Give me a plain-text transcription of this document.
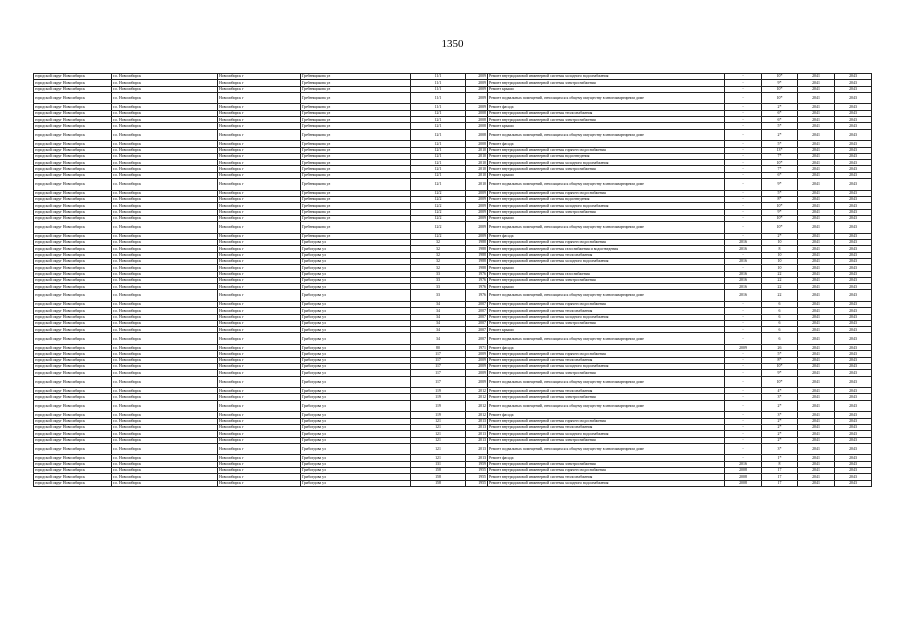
1350
городской округ Новосибирск	г.о. Новосибирск	Новосибирск г	Гребенщикова ул	11/1	2009	Ремонт внутридомовой инженерной системы холодного водоснабжения	-	10*	2041	2043
городской округ Новосибирск	г.о. Новосибирск	Новосибирск г	Гребенщикова ул	11/1	2009	Ремонт внутридомовой инженерной системы электроснабжения	-	9*	2041	2043
городской округ Новосибирск	г.о. Новосибирск	Новосибирск г	Гребенщикова ул	11/1	2009	Ремонт крыши	-	10*	2041	2043
городской округ Новосибирск	г.о. Новосибирск	Новосибирск г	Гребенщикова ул	11/1	2009	Ремонт подвальных помещений, относящихся к общему имуществу в многоквартирном доме	-	10*	2041	2043
городской округ Новосибирск	г.о. Новосибирск	Новосибирск г	Гребенщикова ул	11/1	2009	Ремонт фасада	-	2*	2041	2043
городской округ Новосибирск	г.о. Новосибирск	Новосибирск г	Гребенщикова ул	12/1	2008	Ремонт внутридомовой инженерной системы теплоснабжения	-	6*	2041	2043
городской округ Новосибирск	г.о. Новосибирск	Новосибирск г	Гребенщикова ул	12/1	2008	Ремонт внутридомовой инженерной системы электроснабжения	-	6*	2041	2043
городской округ Новосибирск	г.о. Новосибирск	Новосибирск г	Гребенщикова ул	12/1	2008	Ремонт крыши	-	5*	2041	2043
городской округ Новосибирск	г.о. Новосибирск	Новосибирск г	Гребенщикова ул	12/1	2008	Ремонт подвальных помещений, относящихся к общему имуществу в многоквартирном доме	-	2*	2041	2043
городской округ Новосибирск	г.о. Новосибирск	Новосибирск г	Гребенщикова ул	12/1	2008	Ремонт фасада	-	5*	2041	2043
городской округ Новосибирск	г.о. Новосибирск	Новосибирск г	Гребенщикова ул	12/1	2010	Ремонт внутридомовой инженерной системы горячего водоснабжения	-	13*	2041	2043
городской округ Новосибирск	г.о. Новосибирск	Новосибирск г	Гребенщикова ул	12/1	2010	Ремонт внутридомовой инженерной системы водоотведения	-	7*	2041	2043
городской округ Новосибирск	г.о. Новосибирск	Новосибирск г	Гребенщикова ул	12/1	2010	Ремонт внутридомовой инженерной системы холодного водоснабжения	-	10*	2041	2043
городской округ Новосибирск	г.о. Новосибирск	Новосибирск г	Гребенщикова ул	12/1	2010	Ремонт внутридомовой инженерной системы электроснабжения	-	7*	2041	2043
городской округ Новосибирск	г.о. Новосибирск	Новосибирск г	Гребенщикова ул	12/1	2010	Ремонт крыши	-	6*	2041	2043
городской округ Новосибирск	г.о. Новосибирск	Новосибирск г	Гребенщикова ул	12/1	2010	Ремонт подвальных помещений, относящихся к общему имуществу в многоквартирном доме	-	9*	2041	2043
городской округ Новосибирск	г.о. Новосибирск	Новосибирск г	Гребенщикова ул	12/2	2009	Ремонт внутридомовой инженерной системы горячего водоснабжения	-	5*	2041	2043
городской округ Новосибирск	г.о. Новосибирск	Новосибирск г	Гребенщикова ул	12/2	2009	Ремонт внутридомовой инженерной системы водоотведения	-	8*	2041	2043
городской округ Новосибирск	г.о. Новосибирск	Новосибирск г	Гребенщикова ул	12/2	2009	Ремонт внутридомовой инженерной системы холодного водоснабжения	-	10*	2041	2043
городской округ Новосибирск	г.о. Новосибирск	Новосибирск г	Гребенщикова ул	12/2	2009	Ремонт внутридомовой инженерной системы электроснабжения	-	9*	2041	2043
городской округ Новосибирск	г.о. Новосибирск	Новосибирск г	Гребенщикова ул	12/2	2009	Ремонт крыши	-	10*	2041	2043
городской округ Новосибирск	г.о. Новосибирск	Новосибирск г	Гребенщикова ул	12/2	2009	Ремонт подвальных помещений, относящихся к общему имуществу в многоквартирном доме	-	10*	2041	2043
городской округ Новосибирск	г.о. Новосибирск	Новосибирск г	Гребенщикова ул	12/2	2009	Ремонт фасада	-	2*	2041	2043
городской округ Новосибирск	г.о. Новосибирск	Новосибирск г	Грибоедова ул	32	1988	Ремонт внутридомовой инженерной системы горячего водоснабжения	2016	10	2041	2043
городской округ Новосибирск	г.о. Новосибирск	Новосибирск г	Грибоедова ул	32	1988	Ремонт внутридомовой инженерной системы газоснабжения и водоотведения	2016	8	2041	2043
городской округ Новосибирск	г.о. Новосибирск	Новосибирск г	Грибоедова ул	32	1988	Ремонт внутридомовой инженерной системы теплоснабжения	-	10	2041	2043
городской округ Новосибирск	г.о. Новосибирск	Новосибирск г	Грибоедова ул	32	1988	Ремонт внутридомовой инженерной системы холодного водоснабжения	2016	10	2041	2043
городской округ Новосибирск	г.о. Новосибирск	Новосибирск г	Грибоедова ул	32	1988	Ремонт крыши	-	10	2041	2043
городской округ Новосибирск	г.о. Новосибирск	Новосибирск г	Грибоедова ул	33	1976	Ремонт внутридомовой инженерной системы газоснабжения	2016	22	2041	2043
городской округ Новосибирск	г.о. Новосибирск	Новосибирск г	Грибоедова ул	33	1976	Ремонт внутридомовой инженерной системы электроснабжения	2016	22	2041	2043
городской округ Новосибирск	г.о. Новосибирск	Новосибирск г	Грибоедова ул	33	1976	Ремонт крыши	2016	22	2041	2043
городской округ Новосибирск	г.о. Новосибирск	Новосибирск г	Грибоедова ул	33	1976	Ремонт подвальных помещений, относящихся к общему имуществу в многоквартирном доме	2016	22	2041	2043
городской округ Новосибирск	г.о. Новосибирск	Новосибирск г	Грибоедова ул	34	2007	Ремонт внутридомовой инженерной системы горячего водоснабжения	-	6	2041	2043
городской округ Новосибирск	г.о. Новосибирск	Новосибирск г	Грибоедова ул	34	2007	Ремонт внутридомовой инженерной системы теплоснабжения	-	6	2041	2043
городской округ Новосибирск	г.о. Новосибирск	Новосибирск г	Грибоедова ул	34	2007	Ремонт внутридомовой инженерной системы холодного водоснабжения	-	6	2041	2043
городской округ Новосибирск	г.о. Новосибирск	Новосибирск г	Грибоедова ул	34	2007	Ремонт внутридомовой инженерной системы электроснабжения	-	6	2041	2043
городской округ Новосибирск	г.о. Новосибирск	Новосибирск г	Грибоедова ул	34	2007	Ремонт крыши	-	6	2041	2043
городской округ Новосибирск	г.о. Новосибирск	Новосибирск г	Грибоедова ул	34	2007	Ремонт подвальных помещений, относящихся к общему имуществу в многоквартирном доме	-	6	2041	2043
городской округ Новосибирск	г.о. Новосибирск	Новосибирск г	Грибоедова ул	80	1971	Ремонт фасада	2009	26	2041	2043
городской округ Новосибирск	г.о. Новосибирск	Новосибирск г	Грибоедова ул	117	2009	Ремонт внутридомовой инженерной системы горячего водоснабжения	-	5*	2041	2043
городской округ Новосибирск	г.о. Новосибирск	Новосибирск г	Грибоедова ул	117	2009	Ремонт внутридомовой инженерной системы теплоснабжения	-	8*	2041	2043
городской округ Новосибирск	г.о. Новосибирск	Новосибирск г	Грибоедова ул	117	2009	Ремонт внутридомовой инженерной системы холодного водоснабжения	-	10*	2041	2043
городской округ Новосибирск	г.о. Новосибирск	Новосибирск г	Грибоедова ул	117	2009	Ремонт внутридомовой инженерной системы электроснабжения	-	9*	2041	2043
городской округ Новосибирск	г.о. Новосибирск	Новосибирск г	Грибоедова ул	117	2009	Ремонт подвальных помещений, относящихся к общему имуществу в многоквартирном доме	-	10*	2041	2043
городской округ Новосибирск	г.о. Новосибирск	Новосибирск г	Грибоедова ул	119	2012	Ремонт внутридомовой инженерной системы теплоснабжения	-	4*	2041	2043
городской округ Новосибирск	г.о. Новосибирск	Новосибирск г	Грибоедова ул	119	2012	Ремонт внутридомовой инженерной системы электроснабжения	-	3*	2041	2043
городской округ Новосибирск	г.о. Новосибирск	Новосибирск г	Грибоедова ул	119	2012	Ремонт подвальных помещений, относящихся к общему имуществу в многоквартирном доме	-	2*	2041	2043
городской округ Новосибирск	г.о. Новосибирск	Новосибирск г	Грибоедова ул	119	2012	Ремонт фасада	-	3*	2041	2043
городской округ Новосибирск	г.о. Новосибирск	Новосибирск г	Грибоедова ул	121	2013	Ремонт внутридомовой инженерной системы горячего водоснабжения	-	2*	2041	2043
городской округ Новосибирск	г.о. Новосибирск	Новосибирск г	Грибоедова ул	121	2013	Ремонт внутридомовой инженерной системы теплоснабжения	-	2*	2041	2043
городской округ Новосибирск	г.о. Новосибирск	Новосибирск г	Грибоедова ул	121	2013	Ремонт внутридомовой инженерной системы холодного водоснабжения	-	2*	2041	2043
городской округ Новосибирск	г.о. Новосибирск	Новосибирск г	Грибоедова ул	121	2013	Ремонт внутридомовой инженерной системы электроснабжения	-	2*	2041	2043
городской округ Новосибирск	г.о. Новосибирск	Новосибирск г	Грибоедова ул	121	2013	Ремонт подвальных помещений, относящихся к общему имуществу в многоквартирном доме	-	3*	2041	2043
городской округ Новосибирск	г.о. Новосибирск	Новосибирск г	Грибоедова ул	121	2013	Ремонт фасада	-	1*	2041	2043
городской округ Новосибирск	г.о. Новосибирск	Новосибирск г	Грибоедова ул	131	1959	Ремонт внутридомовой инженерной системы электроснабжения	2016	8	2041	2043
городской округ Новосибирск	г.о. Новосибирск	Новосибирск г	Грибоедова ул	158	1955	Ремонт внутридомовой инженерной системы горячего водоснабжения	2008	17	2041	2043
городской округ Новосибирск	г.о. Новосибирск	Новосибирск г	Грибоедова ул	158	1955	Ремонт внутридомовой инженерной системы теплоснабжения	2008	17	2041	2043
городской округ Новосибирск	г.о. Новосибирск	Новосибирск г	Грибоедова ул	158	1955	Ремонт внутридомовой инженерной системы холодного водоснабжения	2008	17	2041	2043
